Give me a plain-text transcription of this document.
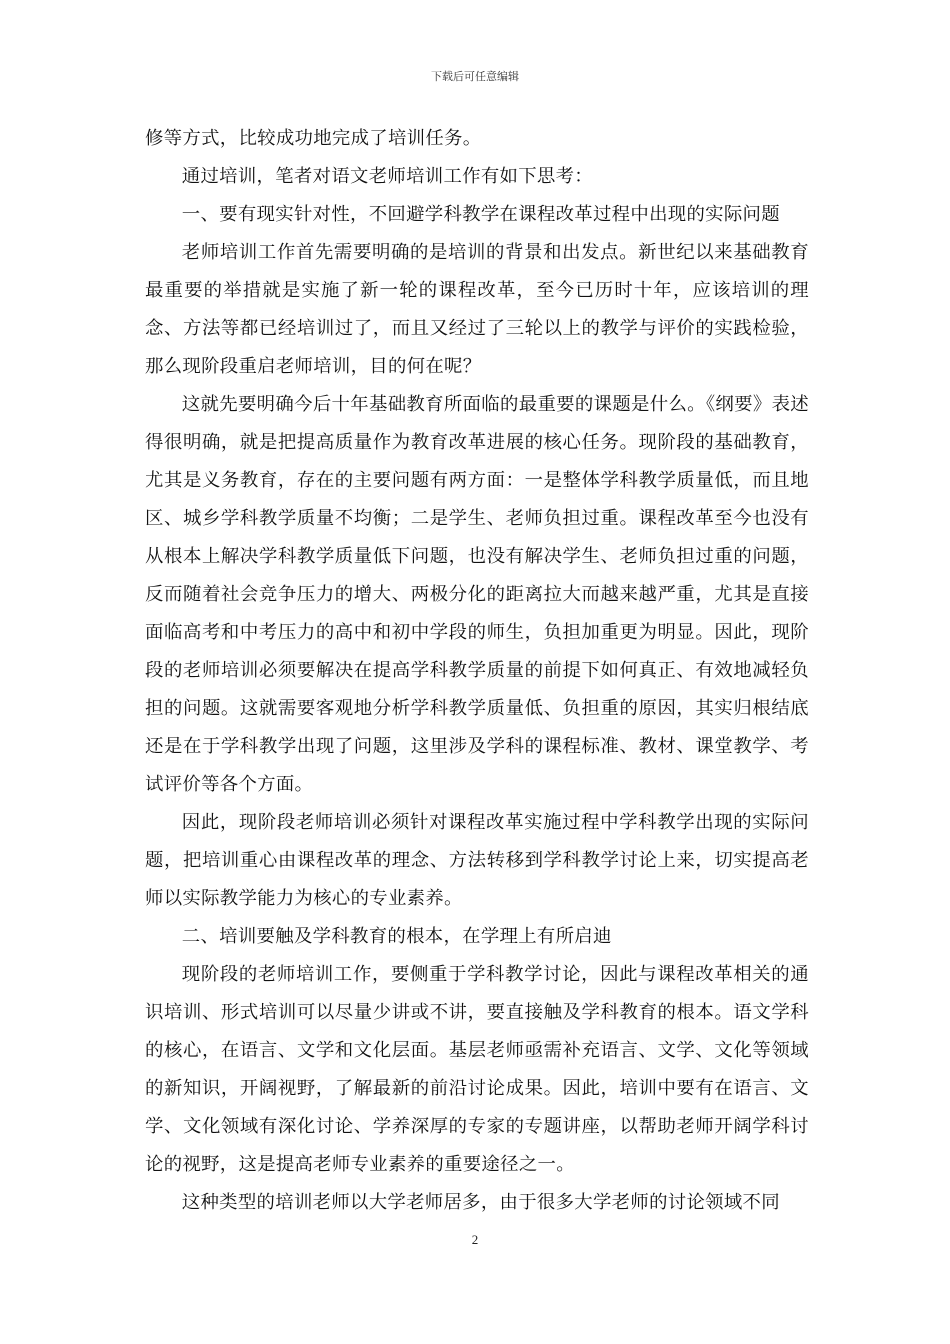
下载后可任意编辑

修等方式，比较成功地完成了培训任务。

通过培训，笔者对语文老师培训工作有如下思考：

一、要有现实针对性，不回避学科教学在课程改革过程中出现的实际问题

老师培训工作首先需要明确的是培训的背景和出发点。新世纪以来基础教育最重要的举措就是实施了新一轮的课程改革，至今已历时十年，应该培训的理念、方法等都已经培训过了，而且又经过了三轮以上的教学与评价的实践检验，那么现阶段重启老师培训，目的何在呢？

这就先要明确今后十年基础教育所面临的最重要的课题是什么。《纲要》表述得很明确，就是把提高质量作为教育改革进展的核心任务。现阶段的基础教育，尤其是义务教育，存在的主要问题有两方面：一是整体学科教学质量低，而且地区、城乡学科教学质量不均衡；二是学生、老师负担过重。课程改革至今也没有从根本上解决学科教学质量低下问题，也没有解决学生、老师负担过重的问题，反而随着社会竞争压力的增大、两极分化的距离拉大而越来越严重，尤其是直接面临高考和中考压力的高中和初中学段的师生，负担加重更为明显。因此，现阶段的老师培训必须要解决在提高学科教学质量的前提下如何真正、有效地减轻负担的问题。这就需要客观地分析学科教学质量低、负担重的原因，其实归根结底还是在于学科教学出现了问题，这里涉及学科的课程标准、教材、课堂教学、考试评价等各个方面。

因此，现阶段老师培训必须针对课程改革实施过程中学科教学出现的实际问题，把培训重心由课程改革的理念、方法转移到学科教学讨论上来，切实提高老师以实际教学能力为核心的专业素养。

二、培训要触及学科教育的根本，在学理上有所启迪

现阶段的老师培训工作，要侧重于学科教学讨论，因此与课程改革相关的通识培训、形式培训可以尽量少讲或不讲，要直接触及学科教育的根本。语文学科的核心，在语言、文学和文化层面。基层老师亟需补充语言、文学、文化等领域的新知识，开阔视野，了解最新的前沿讨论成果。因此，培训中要有在语言、文学、文化领域有深化讨论、学养深厚的专家的专题讲座，以帮助老师开阔学科讨论的视野，这是提高老师专业素养的重要途径之一。

这种类型的培训老师以大学老师居多，由于很多大学老师的讨论领域不同

2
